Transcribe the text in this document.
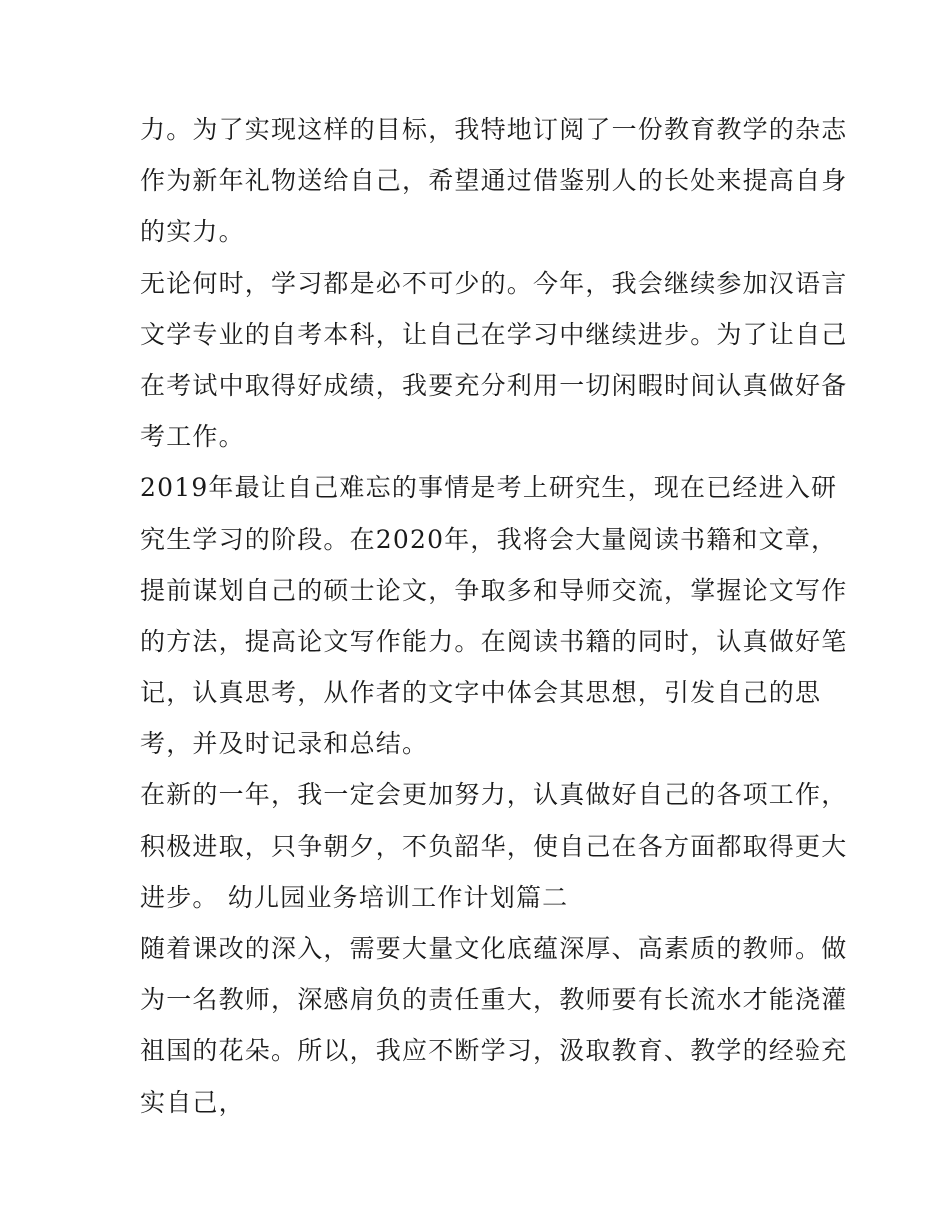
力。为了实现这样的目标，我特地订阅了一份教育教学的杂志
作为新年礼物送给自己，希望通过借鉴别人的长处来提高自身
的实力。

无论何时，学习都是必不可少的。今年，我会继续参加汉语言
文学专业的自考本科，让自己在学习中继续进步。为了让自己
在考试中取得好成绩，我要充分利用一切闲暇时间认真做好备
考工作。

2019年最让自己难忘的事情是考上研究生，现在已经进入研
究生学习的阶段。在2020年，我将会大量阅读书籍和文章，
提前谋划自己的硕士论文，争取多和导师交流，掌握论文写作
的方法，提高论文写作能力。在阅读书籍的同时，认真做好笔
记，认真思考，从作者的文字中体会其思想，引发自己的思
考，并及时记录和总结。

在新的一年，我一定会更加努力，认真做好自己的各项工作，
积极进取，只争朝夕，不负韶华，使自己在各方面都取得更大
进步。 幼儿园业务培训工作计划篇二

随着课改的深入，需要大量文化底蕴深厚、高素质的教师。做
为一名教师，深感肩负的责任重大，教师要有长流水才能浇灌
祖国的花朵。所以，我应不断学习，汲取教育、教学的经验充
实自己，
